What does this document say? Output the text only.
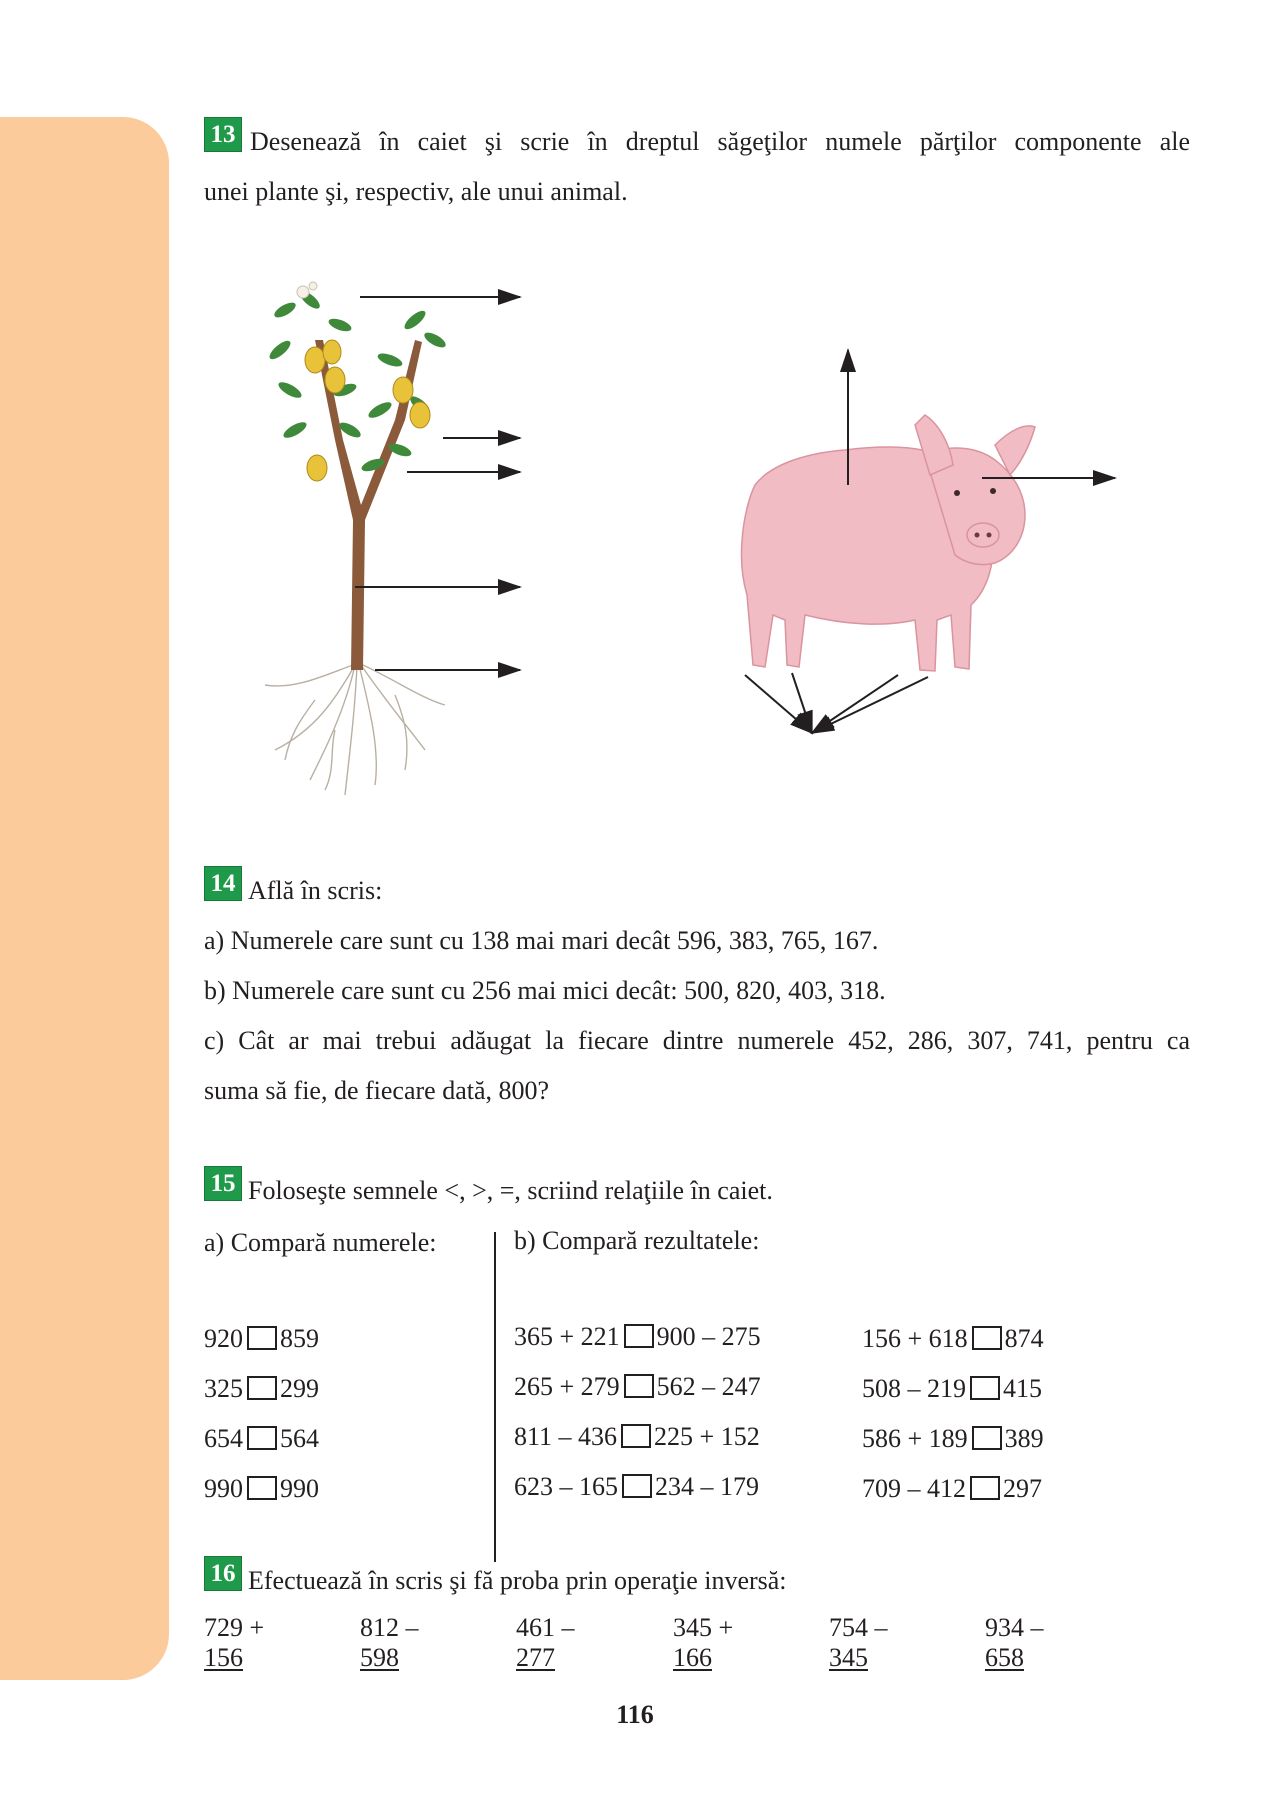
13 Desenează în caiet şi scrie în dreptul săgeţilor numele părţilor componente ale
unei plante şi, respectiv, ale unui animal.
14 Află în scris:
a) Numerele care sunt cu 138 mai mari decât 596, 383, 765, 167.
b) Numerele care sunt cu 256 mai mici decât: 500, 820, 403, 318.
c) Cât ar mai trebui adăugat la fiecare dintre numerele 452, 286, 307, 741, pentru ca
suma să fie, de fiecare dată, 800?
15 Foloseşte semnele <, >, =, scriind relaţiile în caiet.
a) Compară numerele:	b) Compară rezultatele:
920 859
325 299
654 564
990 990
365 + 221 900 – 275
265 + 279 562 – 247
811 – 436 225 + 152
623 – 165 234 – 179
156 + 618 874
508 – 219 415
586 + 189 389
709 – 412 297
16 Efectuează în scris şi fă proba prin operaţie inversă:
729 +
156
812 –
598
461 –
277
345 +
166
754 –
345
934 –
658
116
